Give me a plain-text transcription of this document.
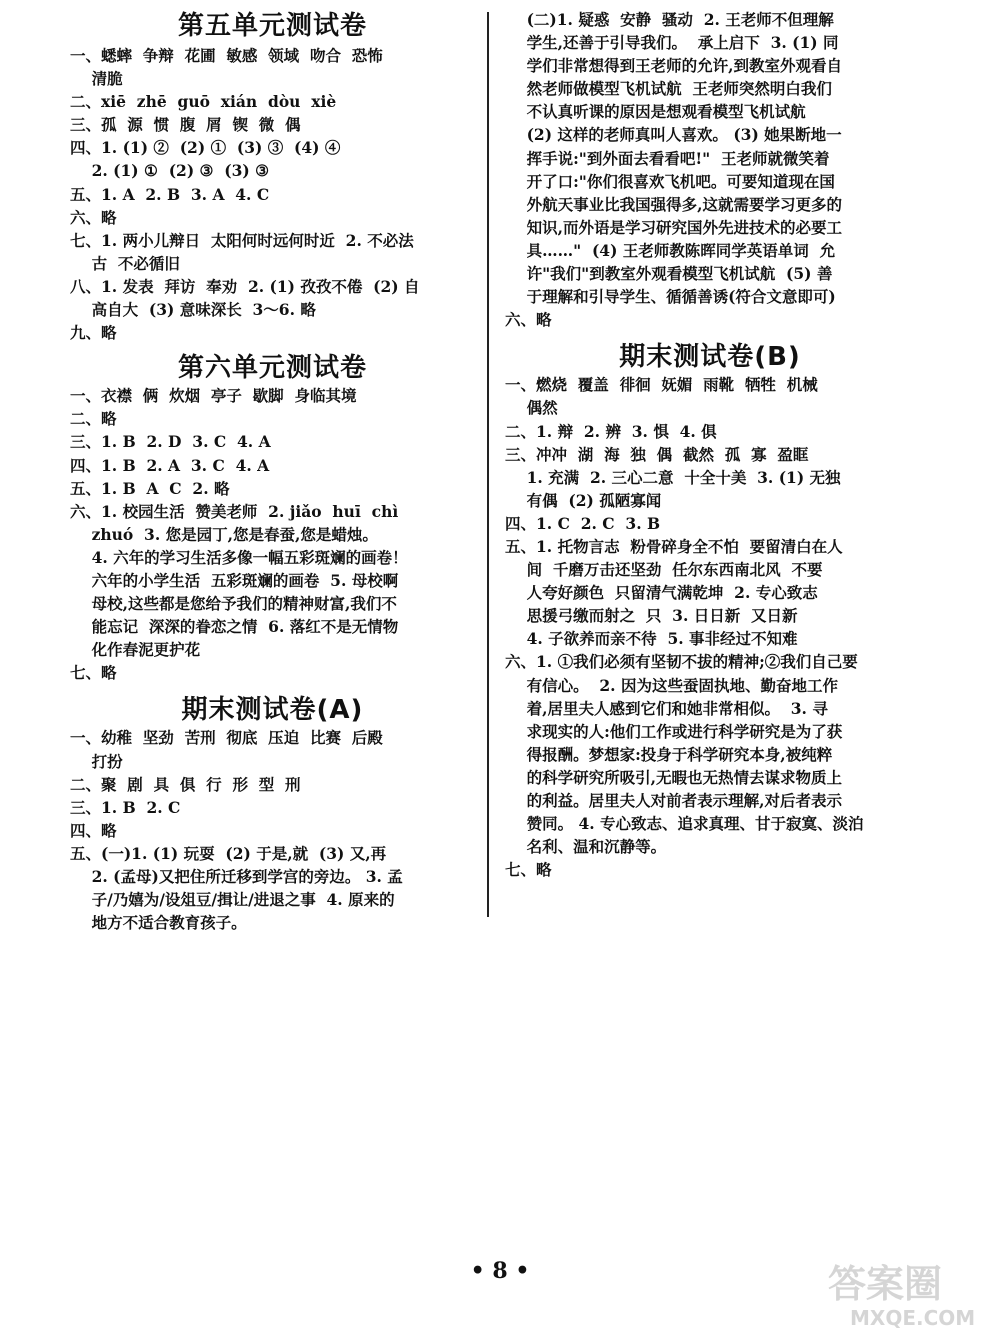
第五单元测试卷
一、蟋蟀  争辩  花圃  敏感  领域  吻合  恐怖
清脆
二、xiē  zhē  guō  xián  dòu  xiè
三、孤  源  惯  腹  屑  锲  微  偶
四、1. (1) ②  (2) ①  (3) ③  (4) ④
2. (1) ①  (2) ③  (3) ③
五、1. A  2. B  3. A  4. C
六、略
七、1. 两小儿辩日  太阳何时远何时近  2. 不必法
古  不必循旧
八、1. 发表  拜访  奉劝  2. (1) 孜孜不倦  (2) 自
高自大  (3) 意味深长  3～6. 略
九、略
第六单元测试卷
一、衣襟  俩  炊烟  亭子  歇脚  身临其境
二、略
三、1. B  2. D  3. C  4. A
四、1. B  2. A  3. C  4. A
五、1. B  A  C  2. 略
六、1. 校园生活  赞美老师  2. jiǎo  huī  chì
zhuó  3. 您是园丁,您是春蚕,您是蜡烛。
4. 六年的学习生活多像一幅五彩斑斓的画卷！
六年的小学生活  五彩斑斓的画卷  5. 母校啊
母校,这些都是您给予我们的精神财富,我们不
能忘记  深深的眷恋之情  6. 落红不是无情物
化作春泥更护花
七、略
期末测试卷(A)
一、幼稚  坚劲  苦刑  彻底  压迫  比赛  后殿
打扮
二、聚  剧  具  俱  行  形  型  刑
三、1. B  2. C
四、略
五、(一)1. (1) 玩耍  (2) 于是,就  (3) 又,再
2. (孟母)又把住所迁移到学宫的旁边。 3. 孟
子/乃嬉为/设俎豆/揖让/进退之事  4. 原来的
地方不适合教育孩子。
(二)1. 疑惑  安静  骚动  2. 王老师不但理解
学生,还善于引导我们。  承上启下  3. (1) 同
学们非常想得到王老师的允许,到教室外观看自
然老师做模型飞机试航  王老师突然明白我们
不认真听课的原因是想观看模型飞机试航
(2) 这样的老师真叫人喜欢。 (3) 她果断地一
挥手说:"到外面去看看吧!"  王老师就微笑着
开了口:"你们很喜欢飞机吧。可要知道现在国
外航天事业比我国强得多,这就需要学习更多的
知识,而外语是学习研究国外先进技术的必要工
具……"  (4) 王老师教陈晖同学英语单词  允
许"我们"到教室外观看模型飞机试航  (5) 善
于理解和引导学生、循循善诱(符合文意即可)
六、略
期末测试卷(B)
一、燃烧  覆盖  徘徊  妩媚  雨靴  牺牲  机械
偶然
二、1. 辩  2. 辨  3. 惧  4. 俱
三、冲冲  湖  海  独  偶  截然  孤  寡  盈眶
1. 充满  2. 三心二意  十全十美  3. (1) 无独
有偶  (2) 孤陋寡闻
四、1. C  2. C  3. B
五、1. 托物言志  粉骨碎身全不怕  要留清白在人
间  千磨万击还坚劲  任尔东西南北风  不要
人夸好颜色  只留清气满乾坤  2. 专心致志
思援弓缴而射之  只  3. 日日新  又日新
4. 子欲养而亲不待  5. 事非经过不知难
六、1. ①我们必须有坚韧不拔的精神;②我们自己要
有信心。  2. 因为这些蚕固执地、勤奋地工作
着,居里夫人感到它们和她非常相似。  3. 寻
求现实的人:他们工作或进行科学研究是为了获
得报酬。梦想家:投身于科学研究本身,被纯粹
的科学研究所吸引,无暇也无热情去谋求物质上
的利益。居里夫人对前者表示理解,对后者表示
赞同。 4. 专心致志、追求真理、甘于寂寞、淡泊
名利、温和沉静等。
七、略
• 8 •	答案圈
MXQE.COM
